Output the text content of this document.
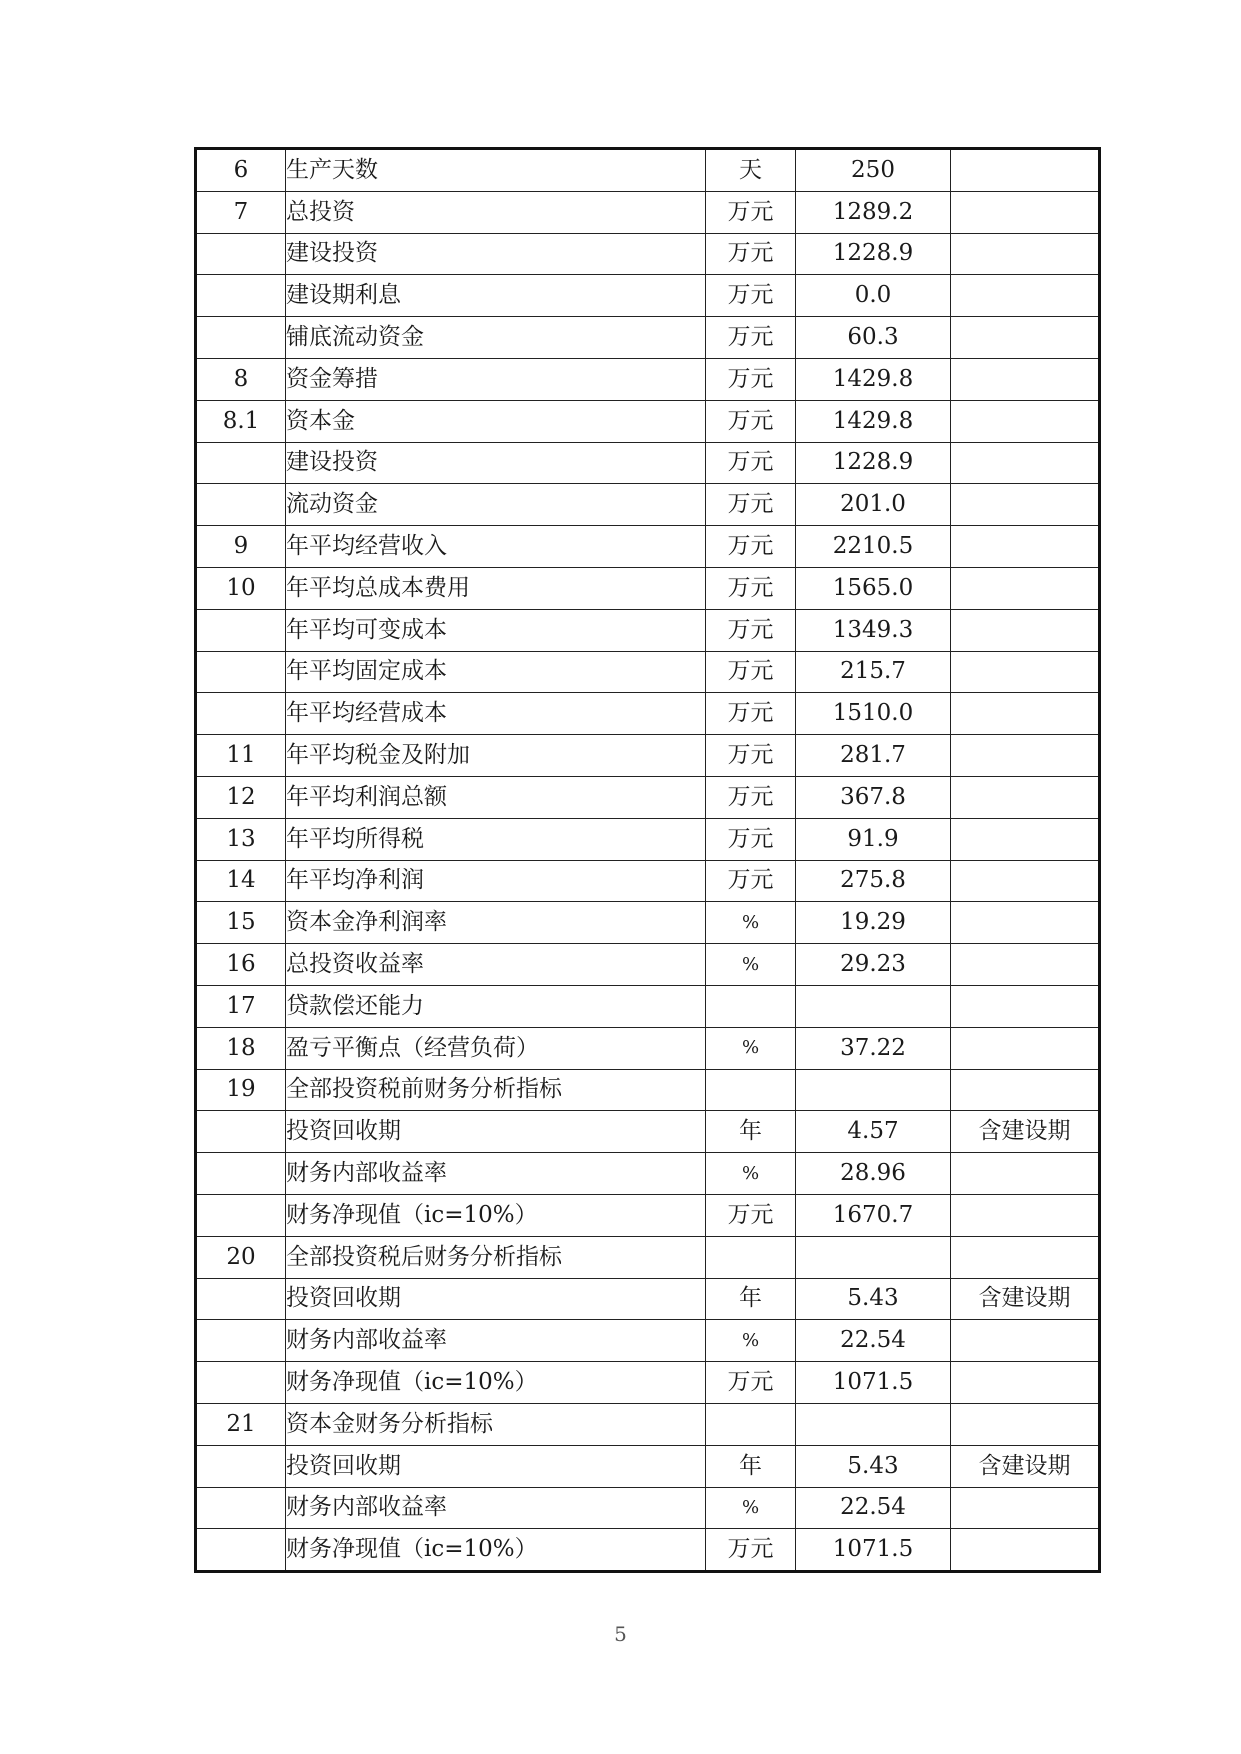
6	生产天数	天	250	
7	总投资	万元	1289.2	
	建设投资	万元	1228.9	
	建设期利息	万元	0.0	
	铺底流动资金	万元	60.3	
8	资金筹措	万元	1429.8	
8.1	资本金	万元	1429.8	
	建设投资	万元	1228.9	
	流动资金	万元	201.0	
9	年平均经营收入	万元	2210.5	
10	年平均总成本费用	万元	1565.0	
	年平均可变成本	万元	1349.3	
	年平均固定成本	万元	215.7	
	年平均经营成本	万元	1510.0	
11	年平均税金及附加	万元	281.7	
12	年平均利润总额	万元	367.8	
13	年平均所得税	万元	91.9	
14	年平均净利润	万元	275.8	
15	资本金净利润率	%	19.29	
16	总投资收益率	%	29.23	
17	贷款偿还能力			
18	盈亏平衡点（经营负荷）	%	37.22	
19	全部投资税前财务分析指标			
	投资回收期	年	4.57	含建设期
	财务内部收益率	%	28.96	
	财务净现值（ic=10%）	万元	1670.7	
20	全部投资税后财务分析指标			
	投资回收期	年	5.43	含建设期
	财务内部收益率	%	22.54	
	财务净现值（ic=10%）	万元	1071.5	
21	资本金财务分析指标			
	投资回收期	年	5.43	含建设期
	财务内部收益率	%	22.54	
	财务净现值（ic=10%）	万元	1071.5	
5
